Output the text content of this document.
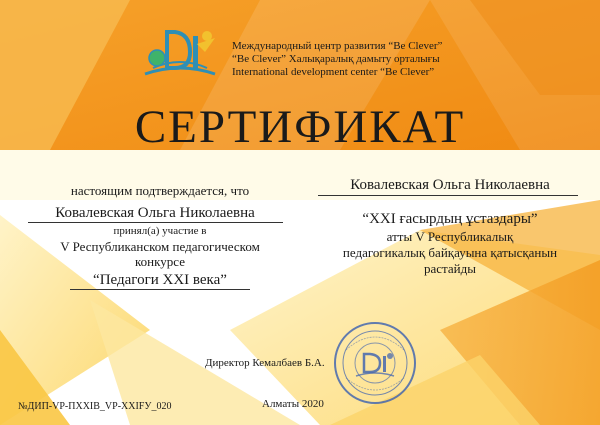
Международный центр развития “Be Clever”
“Be Clever” Халықаралық дамыту орталығы
International development center “Be Clever”
СЕРТИФИКАТ
настоящим подтверждается, что
Ковалевская Ольга Николаевна
принял(а) участие в
V Республиканском педагогическом
конкурсе
“Педагоги XXI века”
Ковалевская Ольга Николаевна
“XXI ғасырдың ұстаздары”
атты V Республикалық
педагогикалық байқауына қатысқанын
растайды
Директор Кемалбаев Б.А.
№ДИП-VP-ПХХІВ_VP-XXIFУ_020	Алматы 2020
